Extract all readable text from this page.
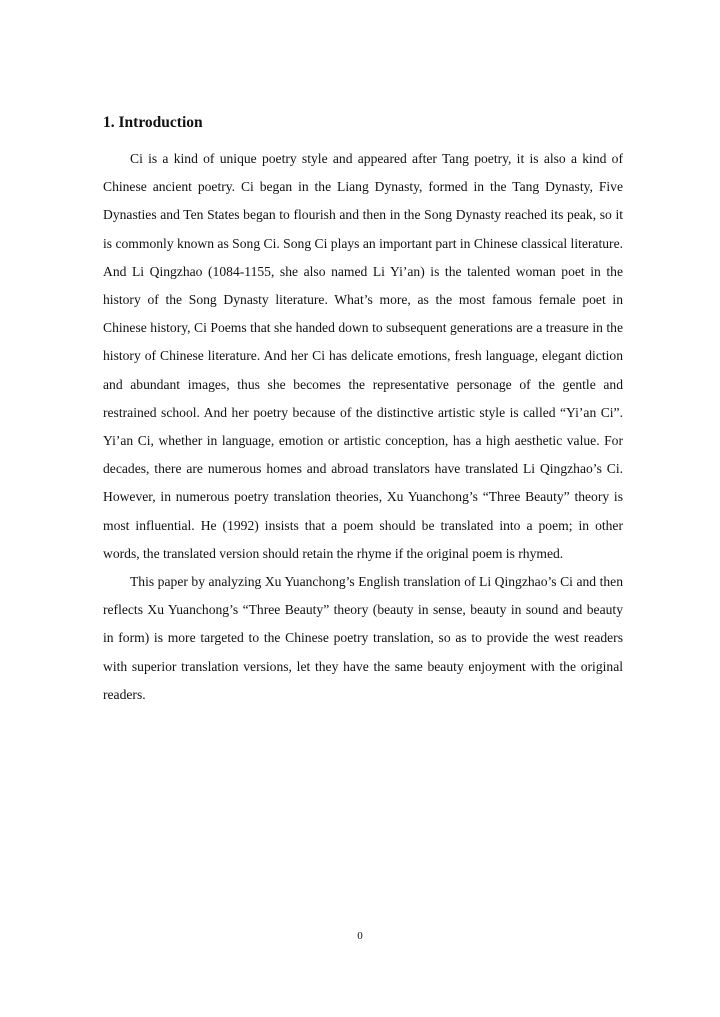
1. Introduction

Ci is a kind of unique poetry style and appeared after Tang poetry, it is also a kind of Chinese ancient poetry. Ci began in the Liang Dynasty, formed in the Tang Dynasty, Five Dynasties and Ten States began to flourish and then in the Song Dynasty reached its peak, so it is commonly known as Song Ci. Song Ci plays an important part in Chinese classical literature. And Li Qingzhao (1084-1155, she also named Li Yi’an) is the talented woman poet in the history of the Song Dynasty literature. What’s more, as the most famous female poet in Chinese history, Ci Poems that she handed down to subsequent generations are a treasure in the history of Chinese literature. And her Ci has delicate emotions, fresh language, elegant diction and abundant images, thus she becomes the representative personage of the gentle and restrained school. And her poetry because of the distinctive artistic style is called “Yi’an Ci”. Yi’an Ci, whether in language, emotion or artistic conception, has a high aesthetic value. For decades, there are numerous homes and abroad translators have translated Li Qingzhao’s Ci. However, in numerous poetry translation theories, Xu Yuanchong’s “Three Beauty” theory is most influential. He (1992) insists that a poem should be translated into a poem; in other words, the translated version should retain the rhyme if the original poem is rhymed.

This paper by analyzing Xu Yuanchong’s English translation of Li Qingzhao’s Ci and then reflects Xu Yuanchong’s “Three Beauty” theory (beauty in sense, beauty in sound and beauty in form) is more targeted to the Chinese poetry translation, so as to provide the west readers with superior translation versions, let they have the same beauty enjoyment with the original readers.

0
